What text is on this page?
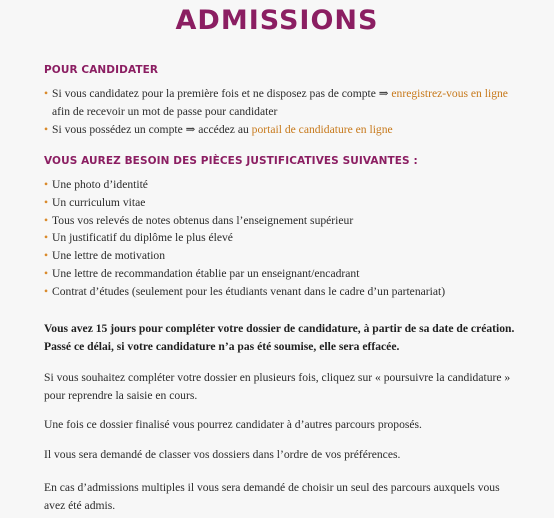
ADMISSIONS
POUR CANDIDATER
• Si vous candidatez pour la première fois et ne disposez pas de compte ⇒ enregistrez-vous en ligne
afin de recevoir un mot de passe pour candidater
• Si vous possédez un compte ⇒ accédez au portail de candidature en ligne
VOUS AUREZ BESOIN DES PIÈCES JUSTIFICATIVES SUIVANTES :
• Une photo d’identité
• Un curriculum vitae
• Tous vos relevés de notes obtenus dans l’enseignement supérieur
• Un justificatif du diplôme le plus élevé
• Une lettre de motivation
• Une lettre de recommandation établie par un enseignant/encadrant
• Contrat d’études (seulement pour les étudiants venant dans le cadre d’un partenariat)

Vous avez 15 jours pour compléter votre dossier de candidature, à partir de sa date de création. Passé ce délai, si votre candidature n’a pas été soumise, elle sera effacée.

Si vous souhaitez compléter votre dossier en plusieurs fois, cliquez sur « poursuivre la candidature » pour reprendre la saisie en cours.

Une fois ce dossier finalisé vous pourrez candidater à d’autres parcours proposés.

Il vous sera demandé de classer vos dossiers dans l’ordre de vos préférences.

En cas d’admissions multiples il vous sera demandé de choisir un seul des parcours auxquels vous avez été admis.
